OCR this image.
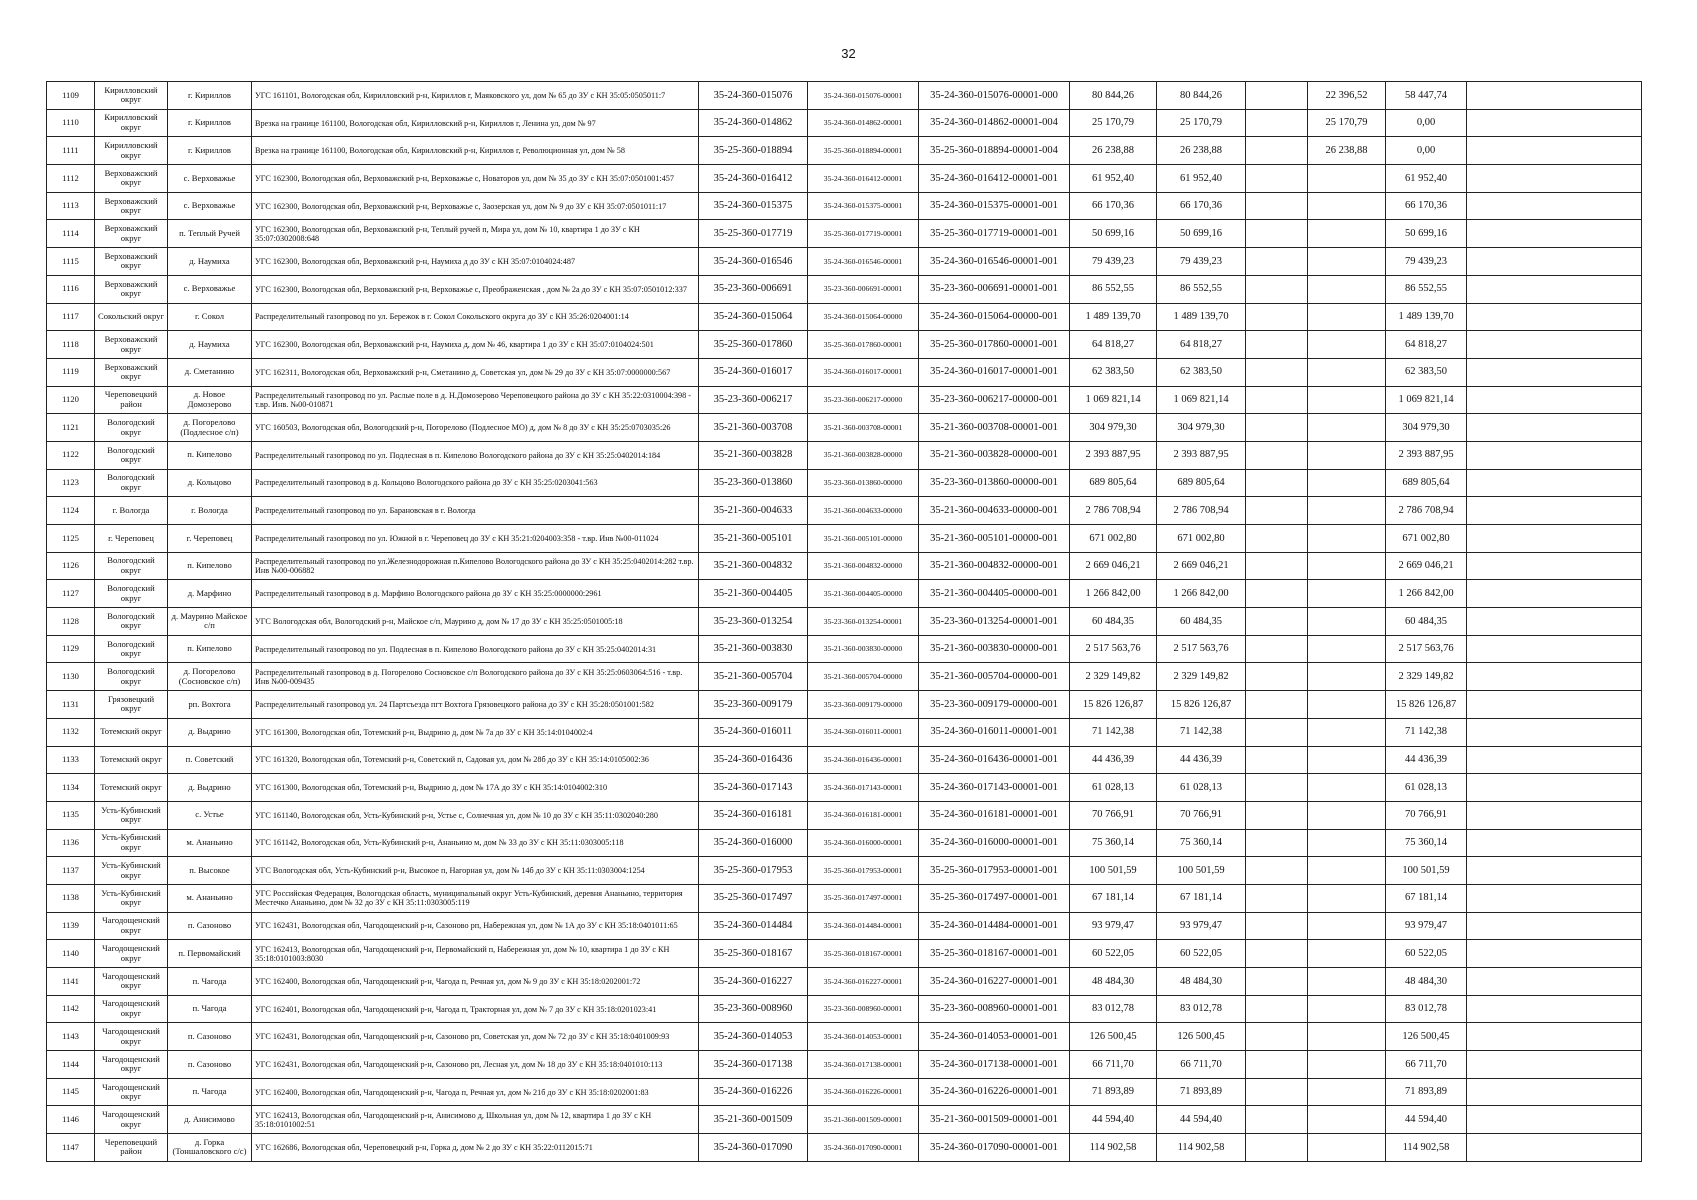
32
1109	Кирилловский округ	г. Кириллов	УГС 161101, Вологодская обл, Кирилловский р-н, Кириллов г, Маяковского ул, дом № 65 до ЗУ с КН 35:05:0505011:7	35-24-360-015076	35-24-360-015076-00001	35-24-360-015076-00001-000	80 844,26	80 844,26		22 396,52	58 447,74	
1110	Кирилловский округ	г. Кириллов	Врезка на границе 161100, Вологодская обл, Кирилловский р-н, Кириллов г, Ленина ул, дом № 97	35-24-360-014862	35-24-360-014862-00001	35-24-360-014862-00001-004	25 170,79	25 170,79		25 170,79	0,00	
1111	Кирилловский округ	г. Кириллов	Врезка на границе 161100, Вологодская обл, Кирилловский р-н, Кириллов г, Революционная ул, дом № 58	35-25-360-018894	35-25-360-018894-00001	35-25-360-018894-00001-004	26 238,88	26 238,88		26 238,88	0,00	
1112	Верховажский округ	с. Верховажье	УГС 162300, Вологодская обл, Верховажский р-н, Верховажье с, Новаторов ул, дом № 35 до ЗУ с КН 35:07:0501001:457	35-24-360-016412	35-24-360-016412-00001	35-24-360-016412-00001-001	61 952,40	61 952,40			61 952,40	
1113	Верховажский округ	с. Верховажье	УГС 162300, Вологодская обл, Верховажский р-н, Верховажье с, Заозерская ул, дом № 9 до ЗУ с КН 35:07:0501011:17	35-24-360-015375	35-24-360-015375-00001	35-24-360-015375-00001-001	66 170,36	66 170,36			66 170,36	
1114	Верховажский округ	п. Теплый Ручей	УГС 162300, Вологодская обл, Верховажский р-н, Теплый ручей п, Мира ул, дом № 10, квартира 1 до ЗУ с КН 35:07:0302008:648	35-25-360-017719	35-25-360-017719-00001	35-25-360-017719-00001-001	50 699,16	50 699,16			50 699,16	
1115	Верховажский округ	д. Наумиха	УГС 162300, Вологодская обл, Верховажский р-н, Наумиха д до ЗУ с КН 35:07:0104024:487	35-24-360-016546	35-24-360-016546-00001	35-24-360-016546-00001-001	79 439,23	79 439,23			79 439,23	
1116	Верховажский округ	с. Верховажье	УГС 162300, Вологодская обл, Верховажский р-н, Верховажье с, Преображенская , дом № 2а до ЗУ с КН 35:07:0501012:337	35-23-360-006691	35-23-360-006691-00001	35-23-360-006691-00001-001	86 552,55	86 552,55			86 552,55	
1117	Сокольский округ	г. Сокол	Распределительный газопровод по ул. Бережок в г. Сокол Сокольского округа до ЗУ с КН 35:26:0204001:14	35-24-360-015064	35-24-360-015064-00000	35-24-360-015064-00000-001	1 489 139,70	1 489 139,70			1 489 139,70	
1118	Верховажский округ	д. Наумиха	УГС 162300, Вологодская обл, Верховажский р-н, Наумиха д, дом № 46, квартира 1 до ЗУ с КН 35:07:0104024:501	35-25-360-017860	35-25-360-017860-00001	35-25-360-017860-00001-001	64 818,27	64 818,27			64 818,27	
1119	Верховажский округ	д. Сметанино	УГС 162311, Вологодская обл, Верховажский р-н, Сметанино д, Советская ул, дом № 29 до ЗУ с КН 35:07:0000000:567	35-24-360-016017	35-24-360-016017-00001	35-24-360-016017-00001-001	62 383,50	62 383,50			62 383,50	
1120	Череповецкий район	д. Новое Домозерово	Распределительный газопровод по ул. Раслые поле в д. Н.Домозерово Череповецкого района до ЗУ с КН 35:22:0310004:398 - т.вр. Инв. №00-010871	35-23-360-006217	35-23-360-006217-00000	35-23-360-006217-00000-001	1 069 821,14	1 069 821,14			1 069 821,14	
1121	Вологодский округ	д. Погорелово (Подлесное с/п)	УГС 160503, Вологодская обл, Вологодский р-н, Погорелово (Подлесное МО) д, дом № 8 до ЗУ с КН 35:25:0703035:26	35-21-360-003708	35-21-360-003708-00001	35-21-360-003708-00001-001	304 979,30	304 979,30			304 979,30	
1122	Вологодский округ	п. Кипелово	Распределительный газопровод по ул. Подлесная в п. Кипелово Вологодского района до ЗУ с КН 35:25:0402014:184	35-21-360-003828	35-21-360-003828-00000	35-21-360-003828-00000-001	2 393 887,95	2 393 887,95			2 393 887,95	
1123	Вологодский округ	д. Кольцово	Распределительный газопровод в д. Кольцово Вологодского района до ЗУ с КН 35:25:0203041:563	35-23-360-013860	35-23-360-013860-00000	35-23-360-013860-00000-001	689 805,64	689 805,64			689 805,64	
1124	г. Вологда	г. Вологда	Распределительный газопровод по ул. Барановская в г. Вологда	35-21-360-004633	35-21-360-004633-00000	35-21-360-004633-00000-001	2 786 708,94	2 786 708,94			2 786 708,94	
1125	г. Череповец	г. Череповец	Распределительный газопровод по ул. Южной в г. Череповец до ЗУ с КН 35:21:0204003:358 - т.вр. Инв №00-011024	35-21-360-005101	35-21-360-005101-00000	35-21-360-005101-00000-001	671 002,80	671 002,80			671 002,80	
1126	Вологодский округ	п. Кипелово	Распределительный газопровод по ул.Железнодорожная п.Кипелово Вологодского района до ЗУ с КН 35:25:0402014:282 т.вр. Инв №00-006882	35-21-360-004832	35-21-360-004832-00000	35-21-360-004832-00000-001	2 669 046,21	2 669 046,21			2 669 046,21	
1127	Вологодский округ	д. Марфино	Распределительный газопровод в д. Марфино Вологодского района до ЗУ с КН 35:25:0000000:2961	35-21-360-004405	35-21-360-004405-00000	35-21-360-004405-00000-001	1 266 842,00	1 266 842,00			1 266 842,00	
1128	Вологодский округ	д. Маурино Майское с/п	УГС Вологодская обл, Вологодский р-н, Майское с/п, Маурино д, дом № 17 до ЗУ с КН 35:25:0501005:18	35-23-360-013254	35-23-360-013254-00001	35-23-360-013254-00001-001	60 484,35	60 484,35			60 484,35	
1129	Вологодский округ	п. Кипелово	Распределительный газопровод по ул. Подлесная в п. Кипелово Вологодского района до ЗУ с КН 35:25:0402014:31	35-21-360-003830	35-21-360-003830-00000	35-21-360-003830-00000-001	2 517 563,76	2 517 563,76			2 517 563,76	
1130	Вологодский округ	д. Погорелово (Сосновское с/п)	Распределительный газопровод в д. Погорелово Сосновское с/п Вологодского района до ЗУ с КН 35:25:0603064:516 - т.вр. Инв №00-009435	35-21-360-005704	35-21-360-005704-00000	35-21-360-005704-00000-001	2 329 149,82	2 329 149,82			2 329 149,82	
1131	Грязовецкий округ	рп. Вохтога	Распределительный газопровод ул. 24 Партсъезда пгт Вохтога Грязовецкого района до ЗУ с КН 35:28:0501001:582	35-23-360-009179	35-23-360-009179-00000	35-23-360-009179-00000-001	15 826 126,87	15 826 126,87			15 826 126,87	
1132	Тотемский округ	д. Выдрино	УГС 161300, Вологодская обл, Тотемский р-н, Выдрино д, дом № 7а до ЗУ с КН 35:14:0104002:4	35-24-360-016011	35-24-360-016011-00001	35-24-360-016011-00001-001	71 142,38	71 142,38			71 142,38	
1133	Тотемский округ	п. Советский	УГС 161320, Вологодская обл, Тотемский р-н, Советский п, Садовая ул, дом № 28б до ЗУ с КН 35:14:0105002:36	35-24-360-016436	35-24-360-016436-00001	35-24-360-016436-00001-001	44 436,39	44 436,39			44 436,39	
1134	Тотемский округ	д. Выдрино	УГС 161300, Вологодская обл, Тотемский р-н, Выдрино д, дом № 17А до ЗУ с КН 35:14:0104002:310	35-24-360-017143	35-24-360-017143-00001	35-24-360-017143-00001-001	61 028,13	61 028,13			61 028,13	
1135	Усть-Кубинский округ	с. Устье	УГС 161140, Вологодская обл, Усть-Кубинский р-н, Устье с, Солнечная ул, дом № 10 до ЗУ с КН 35:11:0302040:280	35-24-360-016181	35-24-360-016181-00001	35-24-360-016181-00001-001	70 766,91	70 766,91			70 766,91	
1136	Усть-Кубинский округ	м. Ананьино	УГС 161142, Вологодская обл, Усть-Кубинский р-н, Ананьино м, дом № 33 до ЗУ с КН 35:11:0303005:118	35-24-360-016000	35-24-360-016000-00001	35-24-360-016000-00001-001	75 360,14	75 360,14			75 360,14	
1137	Усть-Кубинский округ	п. Высокое	УГС Вологодская обл, Усть-Кубинский р-н, Высокое п, Нагорная ул, дом № 14б до ЗУ с КН 35:11:0303004:1254	35-25-360-017953	35-25-360-017953-00001	35-25-360-017953-00001-001	100 501,59	100 501,59			100 501,59	
1138	Усть-Кубинский округ	м. Ананьино	УГС Российская Федерация, Вологодская область, муниципальный округ Усть-Кубинский, деревня Ананьино, территория Местечко Ананьино, дом № 32 до ЗУ с КН 35:11:0303005:119	35-25-360-017497	35-25-360-017497-00001	35-25-360-017497-00001-001	67 181,14	67 181,14			67 181,14	
1139	Чагодощенский округ	п. Сазоново	УГС 162431, Вологодская обл, Чагодощенский р-н, Сазоново рп, Набережная ул, дом № 1А до ЗУ с КН 35:18:0401011:65	35-24-360-014484	35-24-360-014484-00001	35-24-360-014484-00001-001	93 979,47	93 979,47			93 979,47	
1140	Чагодощенский округ	п. Первомайский	УГС 162413, Вологодская обл, Чагодощенский р-н, Первомайский п, Набережная ул, дом № 10, квартира 1 до ЗУ с КН 35:18:0101003:8030	35-25-360-018167	35-25-360-018167-00001	35-25-360-018167-00001-001	60 522,05	60 522,05			60 522,05	
1141	Чагодощенский округ	п. Чагода	УГС 162400, Вологодская обл, Чагодощенский р-н, Чагода п, Речная ул, дом № 9 до ЗУ с КН 35:18:0202001:72	35-24-360-016227	35-24-360-016227-00001	35-24-360-016227-00001-001	48 484,30	48 484,30			48 484,30	
1142	Чагодощенский округ	п. Чагода	УГС 162401, Вологодская обл, Чагодощенский р-н, Чагода п, Тракторная ул, дом № 7 до ЗУ с КН 35:18:0201023:41	35-23-360-008960	35-23-360-008960-00001	35-23-360-008960-00001-001	83 012,78	83 012,78			83 012,78	
1143	Чагодощенский округ	п. Сазоново	УГС 162431, Вологодская обл, Чагодощенский р-н, Сазоново рп, Советская ул, дом № 72 до ЗУ с КН 35:18:0401009:93	35-24-360-014053	35-24-360-014053-00001	35-24-360-014053-00001-001	126 500,45	126 500,45			126 500,45	
1144	Чагодощенский округ	п. Сазоново	УГС 162431, Вологодская обл, Чагодощенский р-н, Сазоново рп, Лесная ул, дом № 18 до ЗУ с КН 35:18:0401010:113	35-24-360-017138	35-24-360-017138-00001	35-24-360-017138-00001-001	66 711,70	66 711,70			66 711,70	
1145	Чагодощенский округ	п. Чагода	УГС 162400, Вологодская обл, Чагодощенский р-н, Чагода п, Речная ул, дом № 21б до ЗУ с КН 35:18:0202001:83	35-24-360-016226	35-24-360-016226-00001	35-24-360-016226-00001-001	71 893,89	71 893,89			71 893,89	
1146	Чагодощенский округ	д. Анисимово	УГС 162413, Вологодская обл, Чагодощенский р-н, Анисимово д, Школьная ул, дом № 12, квартира 1 до ЗУ с КН 35:18:0101002:51	35-21-360-001509	35-21-360-001509-00001	35-21-360-001509-00001-001	44 594,40	44 594,40			44 594,40	
1147	Череповецкий район	д. Горка (Тоншаловского с/с)	УГС 162686, Вологодская обл, Череповецкий р-н, Горка д, дом № 2 до ЗУ с КН 35:22:0112015:71	35-24-360-017090	35-24-360-017090-00001	35-24-360-017090-00001-001	114 902,58	114 902,58			114 902,58	
